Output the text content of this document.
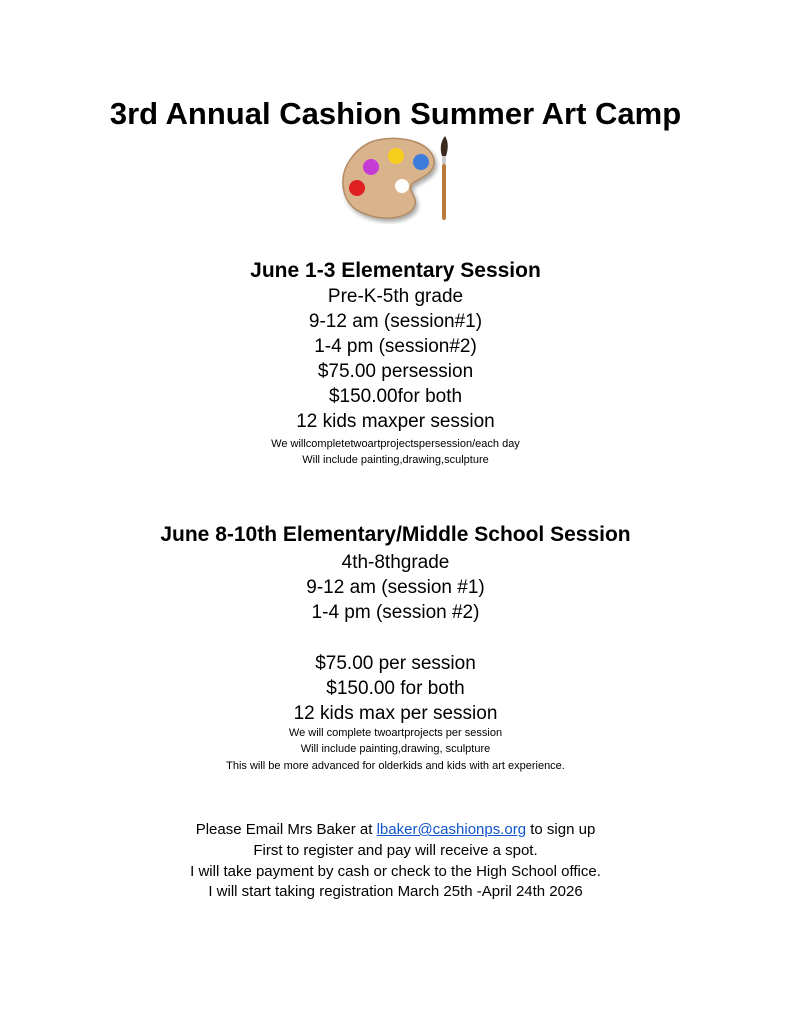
3rd Annual Cashion Summer Art Camp
June 1-3 Elementary Session
Pre-K-5th grade
9-12 am (session#1)
1-4 pm (session#2)
$75.00 persession
$150.00for both
12 kids maxper session
We willcompletetwoartprojectspersession/each day
Will include painting,drawing,sculpture
June 8-10th Elementary/Middle School Session
4th-8thgrade
9-12 am (session #1)
1-4 pm (session #2)
$75.00 per session
$150.00 for both
12 kids max per session
We will complete twoartprojects per session
Will include painting,drawing, sculpture
This will be more advanced for olderkids and kids with art experience.
Please Email Mrs Baker at lbaker@cashionps.org to sign up
First to register and pay will receive a spot.
I will take payment by cash or check to the High School office.
I will start taking registration March 25th -April 24th 2026
